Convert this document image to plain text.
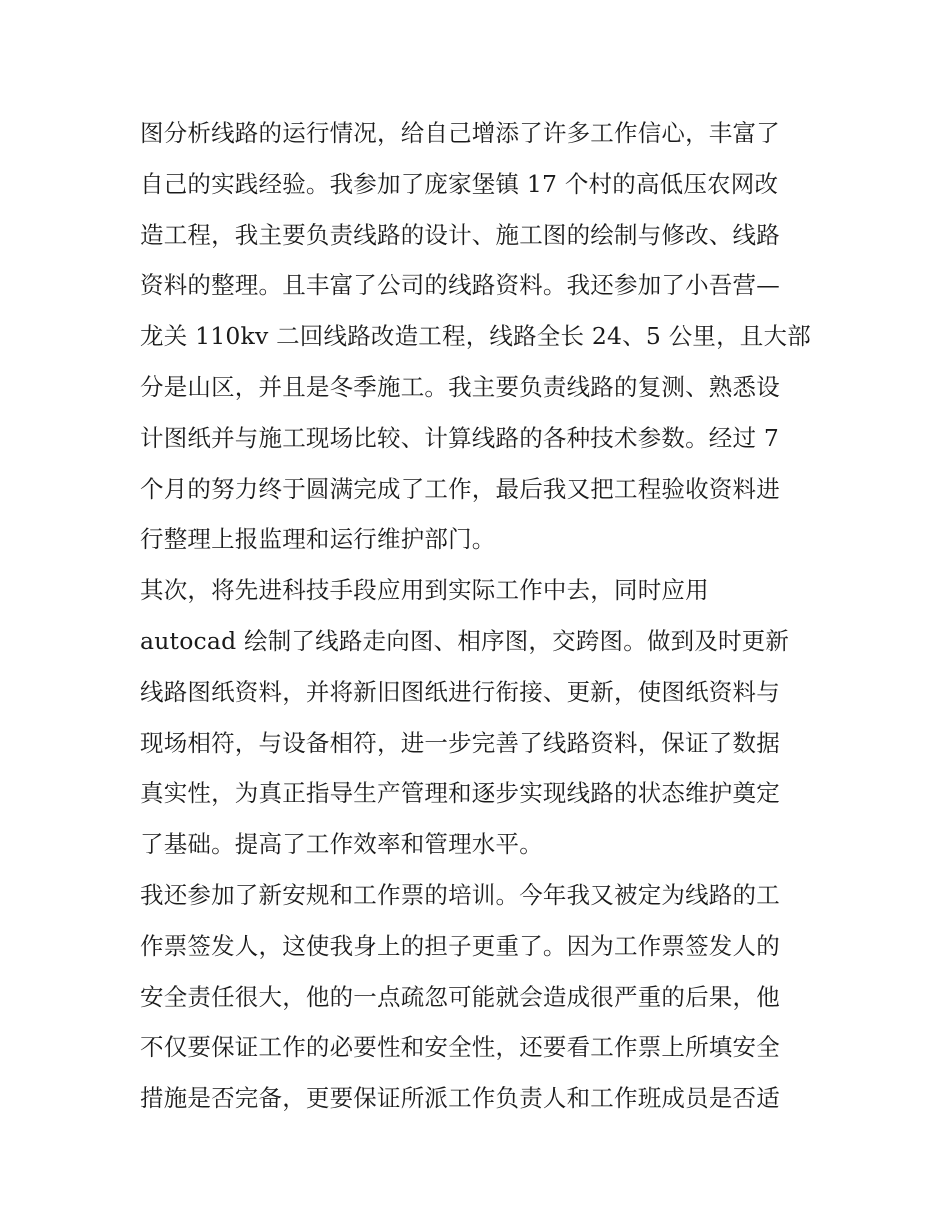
图分析线路的运行情况，给自己增添了许多工作信心，丰富了
自己的实践经验。我参加了庞家堡镇 17 个村的高低压农网改
造工程，我主要负责线路的设计、施工图的绘制与修改、线路
资料的整理。且丰富了公司的线路资料。我还参加了小吾营—
龙关 110kv 二回线路改造工程，线路全长 24、5 公里，且大部
分是山区，并且是冬季施工。我主要负责线路的复测、熟悉设
计图纸并与施工现场比较、计算线路的各种技术参数。经过 7
个月的努力终于圆满完成了工作，最后我又把工程验收资料进
行整理上报监理和运行维护部门。
其次，将先进科技手段应用到实际工作中去，同时应用
autocad 绘制了线路走向图、相序图，交跨图。做到及时更新
线路图纸资料，并将新旧图纸进行衔接、更新，使图纸资料与
现场相符，与设备相符，进一步完善了线路资料，保证了数据
真实性，为真正指导生产管理和逐步实现线路的状态维护奠定
了基础。提高了工作效率和管理水平。
我还参加了新安规和工作票的培训。今年我又被定为线路的工
作票签发人，这使我身上的担子更重了。因为工作票签发人的
安全责任很大，他的一点疏忽可能就会造成很严重的后果，他
不仅要保证工作的必要性和安全性，还要看工作票上所填安全
措施是否完备，更要保证所派工作负责人和工作班成员是否适
